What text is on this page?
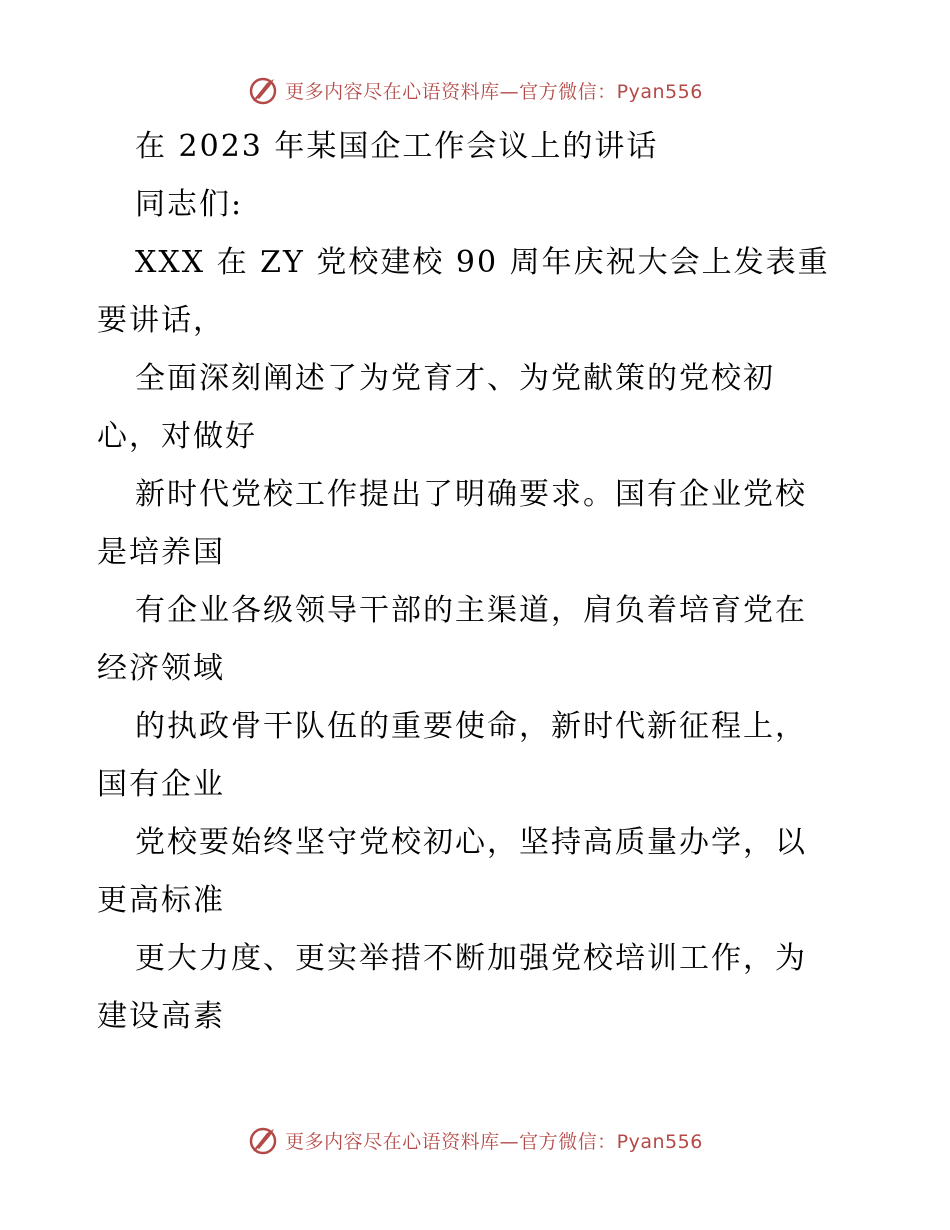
更多内容尽在心语资料库—官方微信：Pyan556
在 2023 年某国企工作会议上的讲话
同志们:
XXX 在 ZY 党校建校 90 周年庆祝大会上发表重
要讲话，
全面深刻阐述了为党育才、为党献策的党校初
心，对做好
新时代党校工作提出了明确要求。国有企业党校
是培养国
有企业各级领导干部的主渠道，肩负着培育党在
经济领域
的执政骨干队伍的重要使命，新时代新征程上，
国有企业
党校要始终坚守党校初心，坚持高质量办学，以
更高标准
更大力度、更实举措不断加强党校培训工作，为
建设高素
更多内容尽在心语资料库—官方微信：Pyan556
